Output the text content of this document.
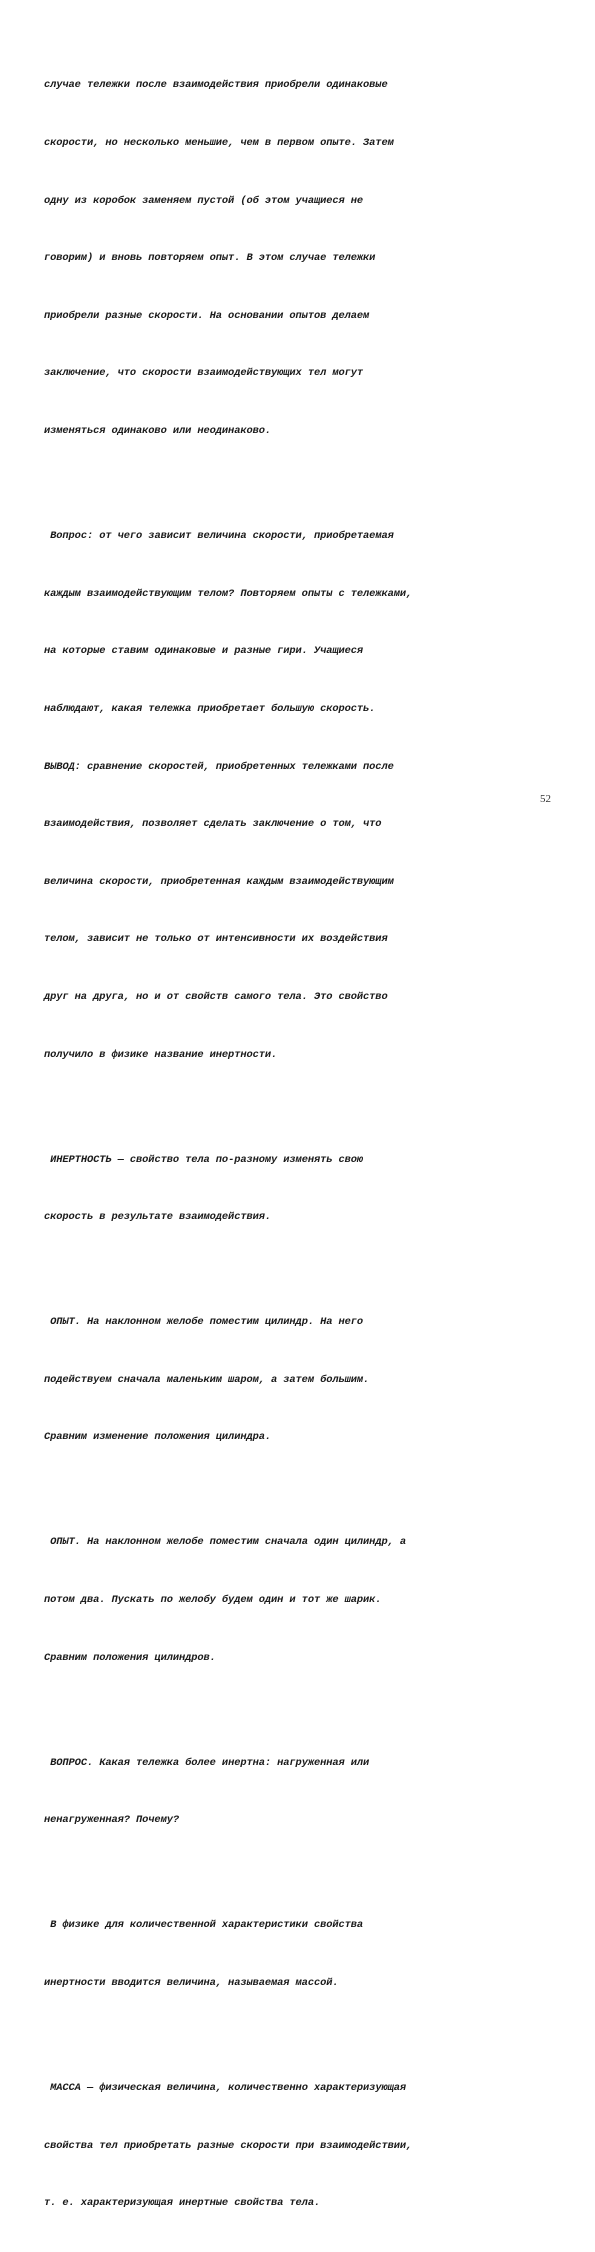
случае тележки после взаимодействия приобрели одинаковые

скорости, но несколько меньшие, чем в первом опыте. Затем

одну из коробок заменяем пустой (об этом учащиеся не

говорим) и вновь повторяем опыт. В этом случае тележки

приобрели разные скорости. На основании опытов делаем

заключение, что скорости взаимодействующих тел могут

изменяться одинаково или неодинаково.

Вопрос: от чего зависит величина скорости, приобретаемая

каждым взаимодействующим телом? Повторяем опыты с тележками,

на которые ставим одинаковые и разные гири. Учащиеся

наблюдают, какая тележка приобретает большую скорость.

ВЫВОД: сравнение скоростей, приобретенных тележками после

взаимодействия, позволяет сделать заключение о том, что

величина скорости, приобретенная каждым взаимодействующим

телом, зависит не только от интенсивности их воздействия

друг на друга, но и от свойств самого тела. Это свойство

получило в физике название инертности.

ИНЕРТНОСТЬ — свойство тела по-разному изменять свою

скорость в результате взаимодействия.

ОПЫТ. На наклонном желобе поместим цилиндр. На него

подействуем сначала маленьким шаром, а затем большим.

Сравним изменение положения цилиндра.

ОПЫТ. На наклонном желобе поместим сначала один цилиндр, а

потом два. Пускать по желобу будем один и тот же шарик.

Сравним положения цилиндров.

ВОПРОС. Какая тележка более инертна: нагруженная или

ненагруженная? Почему?

В физике для количественной характеристики свойства

инертности вводится величина, называемая массой.

МАССА — физическая величина, количественно характеризующая

свойства тел приобретать разные скорости при взаимодействии,

т. е. характеризующая инертные свойства тела.

52
